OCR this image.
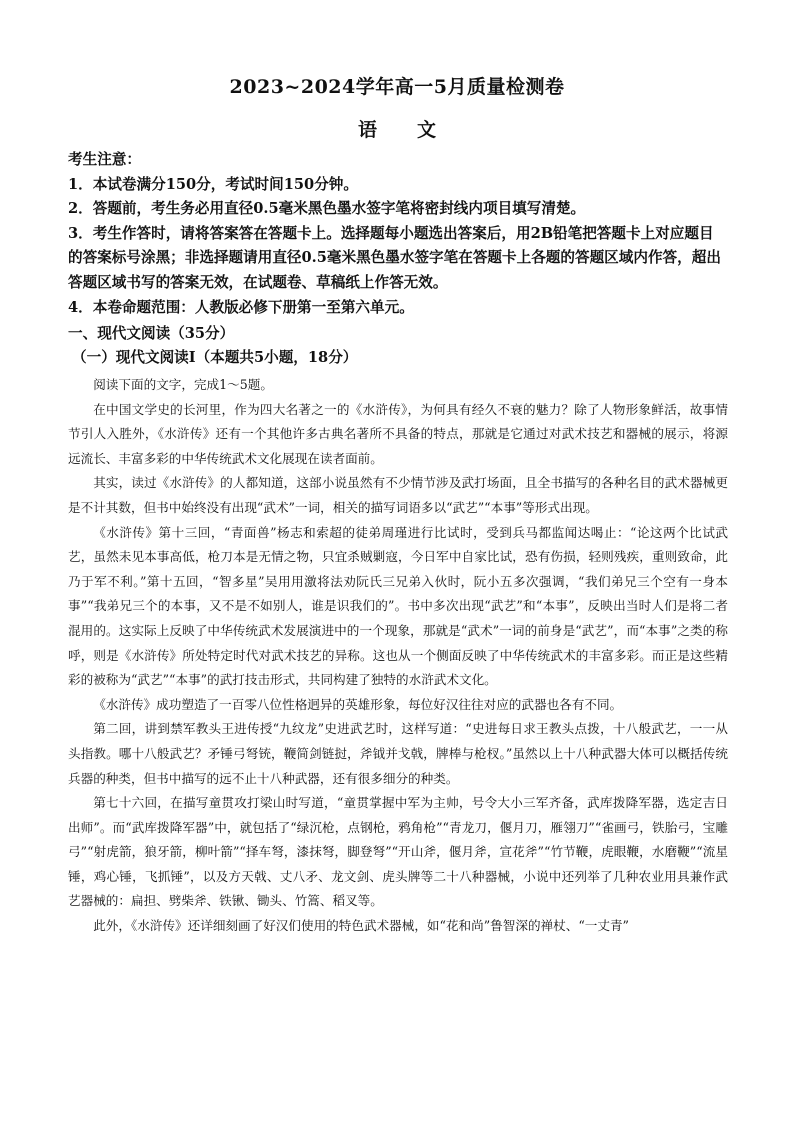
2023~2024学年高一5月质量检测卷
语文

考生注意：

1．本试卷满分150分，考试时间150分钟。

2．答题前，考生务必用直径0.5毫米黑色墨水签字笔将密封线内项目填写清楚。

3．考生作答时，请将答案答在答题卡上。选择题每小题选出答案后，用2B铅笔把答题卡上对应题目的答案标号涂黑；非选择题请用直径0.5毫米黑色墨水签字笔在答题卡上各题的答题区域内作答，超出答题区域书写的答案无效，在试题卷、草稿纸上作答无效。

4．本卷命题范围：人教版必修下册第一至第六单元。

一、现代文阅读（35分）
（一）现代文阅读Ⅰ（本题共5小题，18分）

阅读下面的文字，完成1～5题。

在中国文学史的长河里，作为四大名著之一的《水浒传》，为何具有经久不衰的魅力？除了人物形象鲜活，故事情节引人入胜外，《水浒传》还有一个其他许多古典名著所不具备的特点，那就是它通过对武术技艺和器械的展示，将源远流长、丰富多彩的中华传统武术文化展现在读者面前。

其实，读过《水浒传》的人都知道，这部小说虽然有不少情节涉及武打场面，且全书描写的各种名目的武术器械更是不计其数，但书中始终没有出现“武术”一词，相关的描写词语多以“武艺”“本事”等形式出现。

《水浒传》第十三回，“青面兽”杨志和索超的徒弟周瑾进行比试时，受到兵马都监闻达喝止：“论这两个比试武艺，虽然未见本事高低，枪刀本是无情之物，只宜杀贼剿寇，今日军中自家比试，恐有伤损，轻则残疾，重则致命，此乃于军不利。”第十五回，“智多星”吴用用激将法劝阮氏三兄弟入伙时，阮小五多次强调，“我们弟兄三个空有一身本事”“我弟兄三个的本事，又不是不如别人，谁是识我们的”。书中多次出现“武艺”和“本事”，反映出当时人们是将二者混用的。这实际上反映了中华传统武术发展演进中的一个现象，那就是“武术”一词的前身是“武艺”，而“本事”之类的称呼，则是《水浒传》所处特定时代对武术技艺的异称。这也从一个侧面反映了中华传统武术的丰富多彩。而正是这些精彩的被称为“武艺”“本事”的武打技击形式，共同构建了独特的水浒武术文化。

《水浒传》成功塑造了一百零八位性格迥异的英雄形象，每位好汉往往对应的武器也各有不同。

第二回，讲到禁军教头王进传授“九纹龙”史进武艺时，这样写道：“史进每日求王教头点拨，十八般武艺，一一从头指教。哪十八般武艺？矛锤弓弩铳，鞭简剑链挝，斧钺并戈戟，牌棒与枪杈。”虽然以上十八种武器大体可以概括传统兵器的种类，但书中描写的远不止十八种武器，还有很多细分的种类。

第七十六回，在描写童贯攻打梁山时写道，“童贯掌握中军为主帅，号令大小三军齐备，武库拨降军器，选定吉日出师”。而“武库拨降军器”中，就包括了“绿沉枪，点钢枪，鸦角枪”“青龙刀，偃月刀，雁翎刀”“雀画弓，铁胎弓，宝雕弓”“射虎箭，狼牙箭，柳叶箭”“择车弩，漆抹弩，脚登弩”“开山斧，偃月斧，宣花斧”“竹节鞭，虎眼鞭，水磨鞭”“流星锤，鸡心锤，飞抓锤”，以及方天戟、丈八矛、龙文剑、虎头牌等二十八种器械，小说中还列举了几种农业用具兼作武艺器械的：扁担、劈柴斧、铁锹、锄头、竹篙、稻叉等。

此外，《水浒传》还详细刻画了好汉们使用的特色武术器械，如“花和尚”鲁智深的禅杖、“一丈青”
